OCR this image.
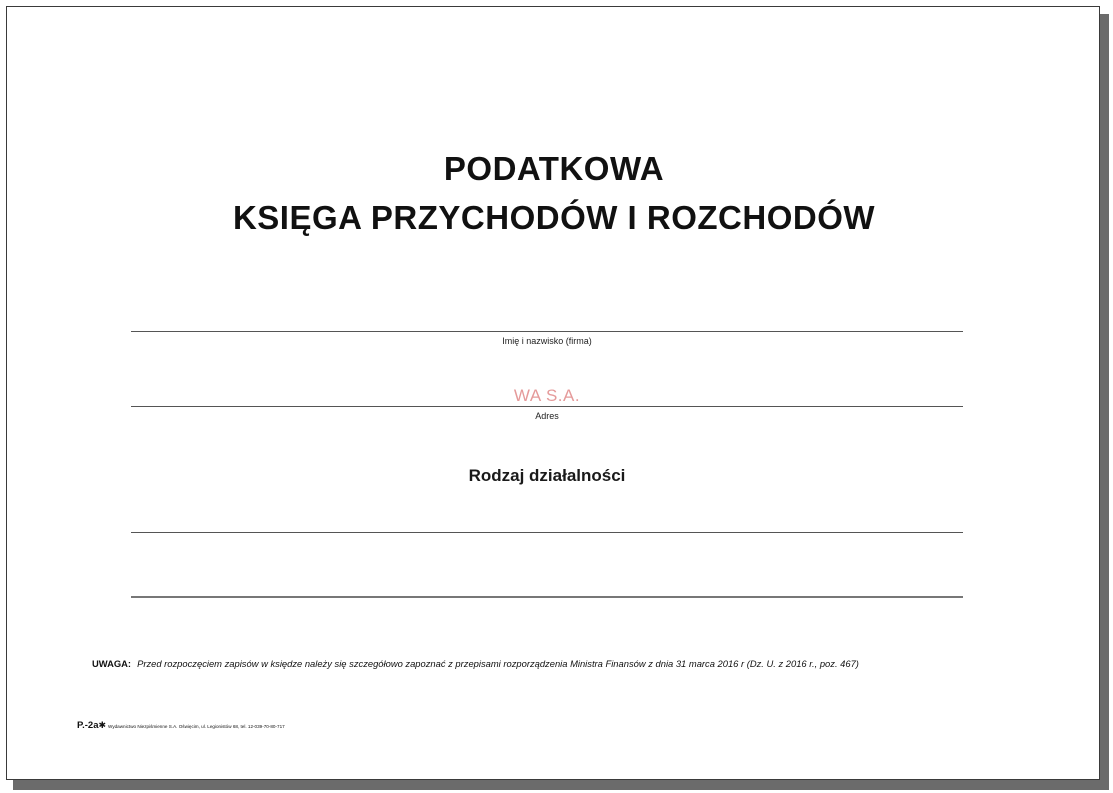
PODATKOWA
KSIĘGA PRZYCHODÓW I ROZCHODÓW
Imię i nazwisko (firma)
WA S.A.
Adres
Rodzaj działalności
UWAGA: Przed rozpoczęciem zapisów w księdze należy się szczegółowo zapoznać z przepisami rozporządzenia Ministra Finansów z dnia 31 marca 2016 r (Dz. U. z 2016 r., poz. 467)
P.-2a✱ Wydawnictwo Niezpiśmienne S.A. Oświęcim, ul. Legionistów 68, tel. 12-039-70-80-717
